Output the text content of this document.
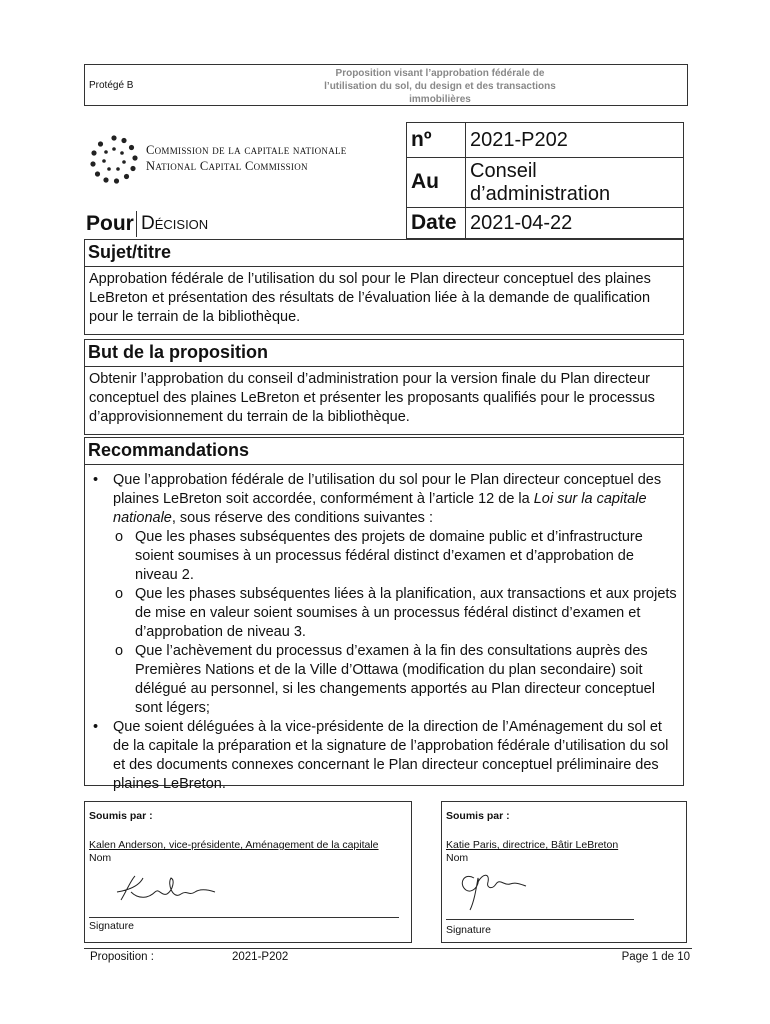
Protégé B
Proposition visant l’approbation fédérale de l’utilisation du sol, du design et des transactions immobilières
Commission de la capitale nationale
National Capital Commission
nº 2021-P202
Au Conseil d’administration
Date 2021-04-22
Pour Décision
Sujet/titre
Approbation fédérale de l’utilisation du sol pour le Plan directeur conceptuel des plaines LeBreton et présentation des résultats de l’évaluation liée à la demande de qualification pour le terrain de la bibliothèque.
But de la proposition
Obtenir l’approbation du conseil d’administration pour la version finale du Plan directeur conceptuel des plaines LeBreton et présenter les proposants qualifiés pour le processus d’approvisionnement du terrain de la bibliothèque.
Recommandations
• Que l’approbation fédérale de l’utilisation du sol pour le Plan directeur conceptuel des plaines LeBreton soit accordée, conformément à l’article 12 de la Loi sur la capitale nationale, sous réserve des conditions suivantes :
o Que les phases subséquentes des projets de domaine public et d’infrastructure soient soumises à un processus fédéral distinct d’examen et d’approbation de niveau 2.
o Que les phases subséquentes liées à la planification, aux transactions et aux projets de mise en valeur soient soumises à un processus fédéral distinct d’examen et d’approbation de niveau 3.
o Que l’achèvement du processus d’examen à la fin des consultations auprès des Premières Nations et de la Ville d’Ottawa (modification du plan secondaire) soit délégué au personnel, si les changements apportés au Plan directeur conceptuel sont légers;
• Que soient déléguées à la vice-présidente de la direction de l’Aménagement du sol et de la capitale la préparation et la signature de l’approbation fédérale d’utilisation du sol et des documents connexes concernant le Plan directeur conceptuel préliminaire des plaines LeBreton.
Soumis par :
Kalen Anderson, vice-présidente, Aménagement de la capitale
Nom
Signature
Soumis par :
Katie Paris, directrice, Bâtir LeBreton
Nom
Signature
Proposition :	2021-P202	Page 1 de 10
